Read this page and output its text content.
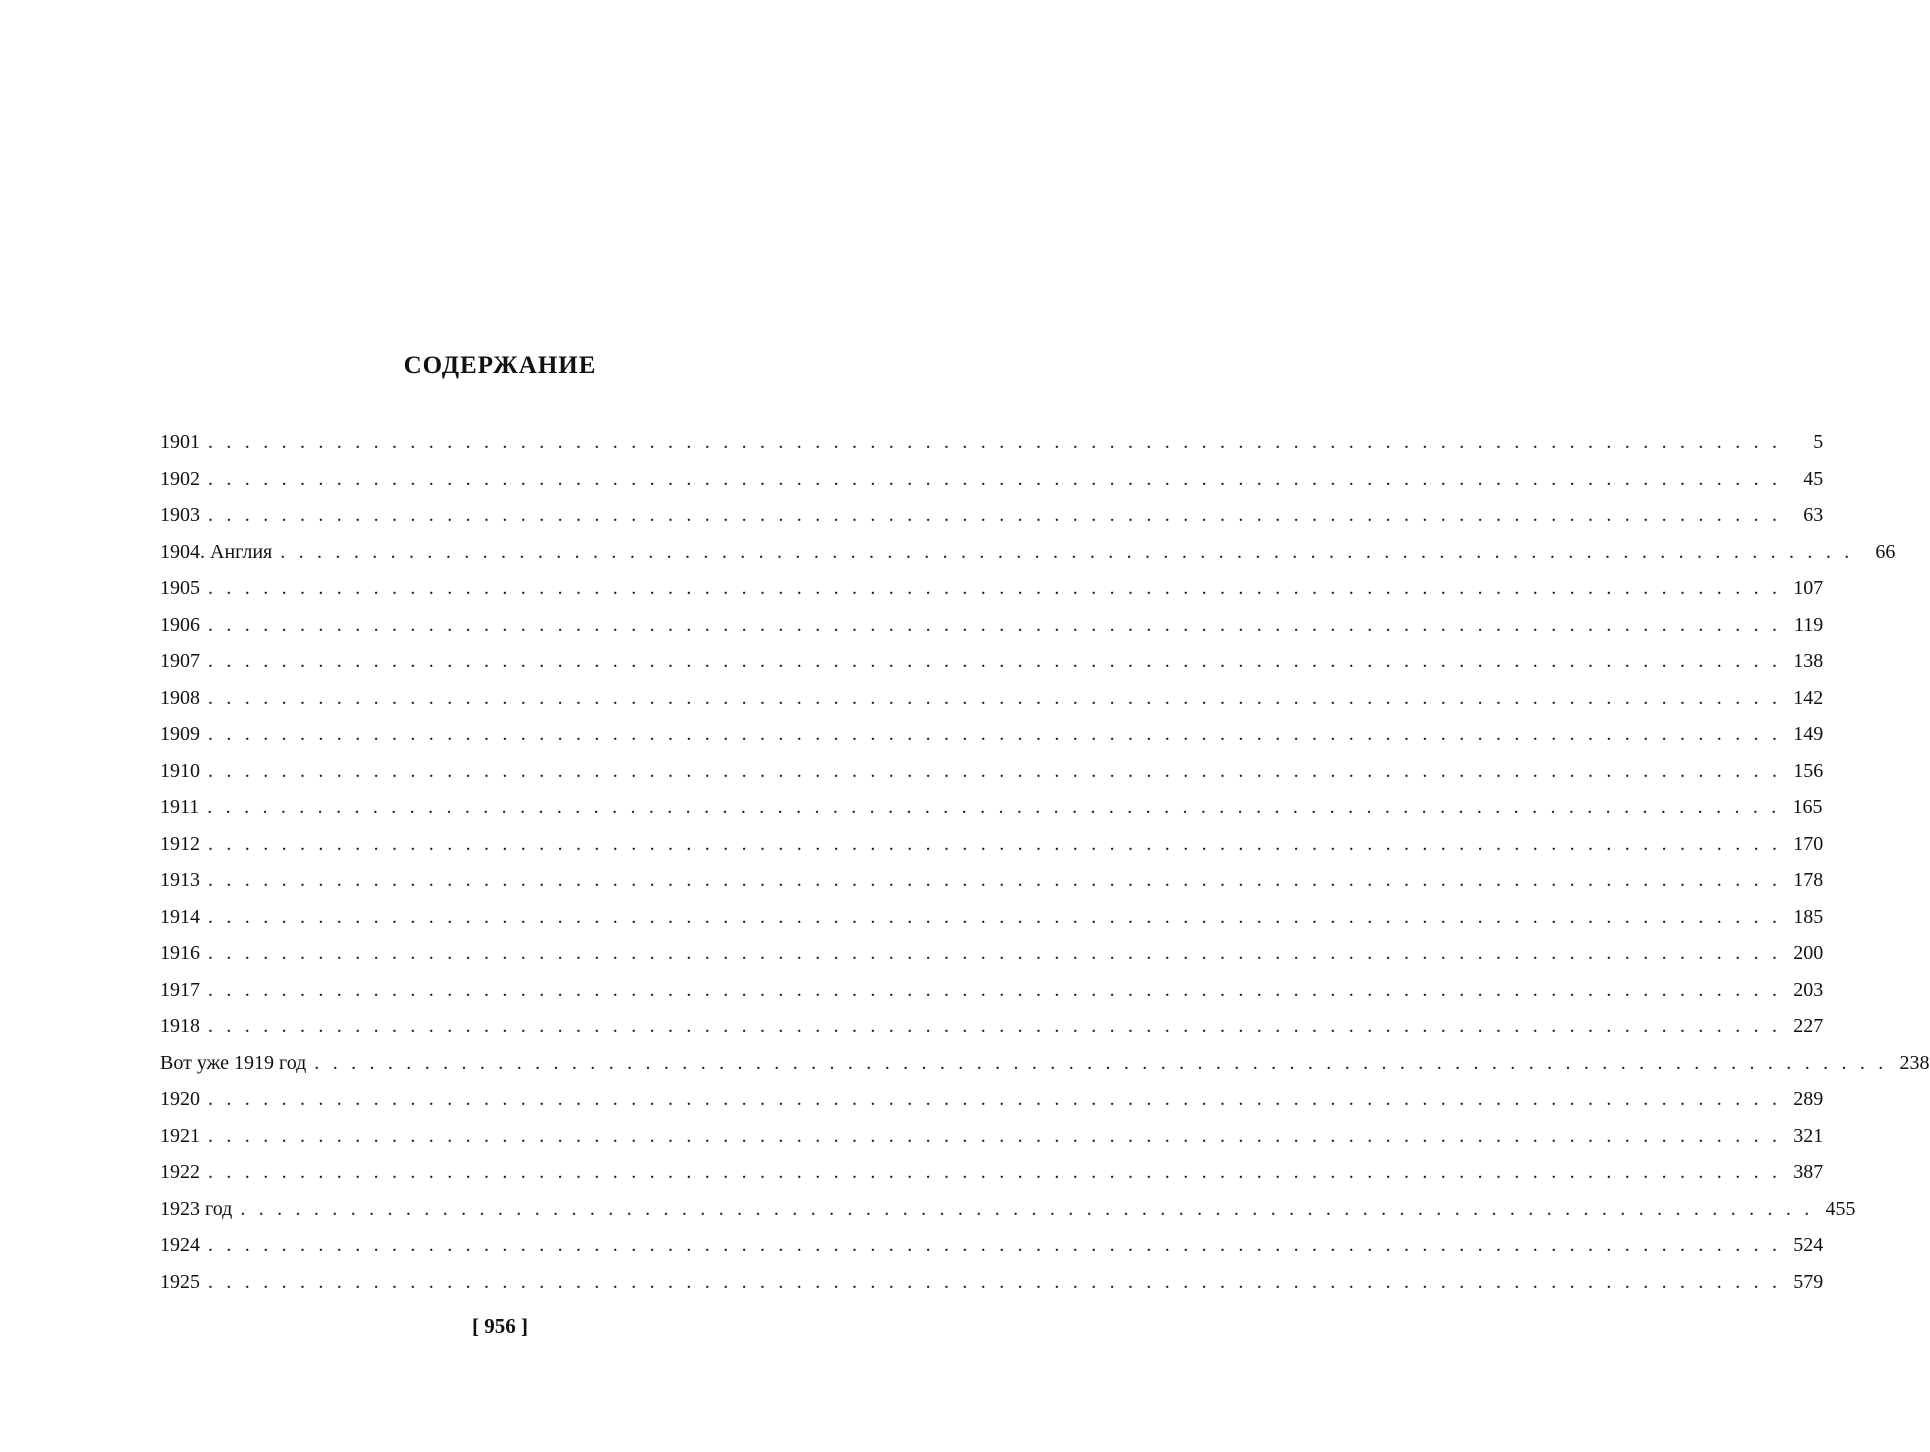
СОДЕРЖАНИЕ
1901 . . . . . . . . . . . . . . . . . . . . . . . . . . . . . . . . . . . . . . . . . . . . . . . . . . . . . . . . . . . . . . . . . . . . . . . . . . . . . . . . . . . . . .	5
1902 . . . . . . . . . . . . . . . . . . . . . . . . . . . . . . . . . . . . . . . . . . . . . . . . . . . . . . . . . . . . . . . . . . . . . . . . . . . . . . . . . . . . . .	45
1903 . . . . . . . . . . . . . . . . . . . . . . . . . . . . . . . . . . . . . . . . . . . . . . . . . . . . . . . . . . . . . . . . . . . . . . . . . . . . . . . . . . . . . .	63
1904. Англия . . . . . . . . . . . . . . . . . . . . . . . . . . . . . . . . . . . . . . . . . . . . . . . . . . . . . . . . . . . . . . . . . . . . . . . . . . . . . . . . . . . . . .	66
1905 . . . . . . . . . . . . . . . . . . . . . . . . . . . . . . . . . . . . . . . . . . . . . . . . . . . . . . . . . . . . . . . . . . . . . . . . . . . . . . . . . . . . . . 107
1906 . . . . . . . . . . . . . . . . . . . . . . . . . . . . . . . . . . . . . . . . . . . . . . . . . . . . . . . . . . . . . . . . . . . . . . . . . . . . . . . . . . . . . . 119
1907 . . . . . . . . . . . . . . . . . . . . . . . . . . . . . . . . . . . . . . . . . . . . . . . . . . . . . . . . . . . . . . . . . . . . . . . . . . . . . . . . . . . . . . 138
1908 . . . . . . . . . . . . . . . . . . . . . . . . . . . . . . . . . . . . . . . . . . . . . . . . . . . . . . . . . . . . . . . . . . . . . . . . . . . . . . . . . . . . . . 142
1909 . . . . . . . . . . . . . . . . . . . . . . . . . . . . . . . . . . . . . . . . . . . . . . . . . . . . . . . . . . . . . . . . . . . . . . . . . . . . . . . . . . . . . . 149
1910 . . . . . . . . . . . . . . . . . . . . . . . . . . . . . . . . . . . . . . . . . . . . . . . . . . . . . . . . . . . . . . . . . . . . . . . . . . . . . . . . . . . . . . 156
1911 . . . . . . . . . . . . . . . . . . . . . . . . . . . . . . . . . . . . . . . . . . . . . . . . . . . . . . . . . . . . . . . . . . . . . . . . . . . . . . . . . . . . . . 165
1912 . . . . . . . . . . . . . . . . . . . . . . . . . . . . . . . . . . . . . . . . . . . . . . . . . . . . . . . . . . . . . . . . . . . . . . . . . . . . . . . . . . . . . . 170
1913 . . . . . . . . . . . . . . . . . . . . . . . . . . . . . . . . . . . . . . . . . . . . . . . . . . . . . . . . . . . . . . . . . . . . . . . . . . . . . . . . . . . . . . 178
1914 . . . . . . . . . . . . . . . . . . . . . . . . . . . . . . . . . . . . . . . . . . . . . . . . . . . . . . . . . . . . . . . . . . . . . . . . . . . . . . . . . . . . . . 185
1916 . . . . . . . . . . . . . . . . . . . . . . . . . . . . . . . . . . . . . . . . . . . . . . . . . . . . . . . . . . . . . . . . . . . . . . . . . . . . . . . . . . . . . . 200
1917 . . . . . . . . . . . . . . . . . . . . . . . . . . . . . . . . . . . . . . . . . . . . . . . . . . . . . . . . . . . . . . . . . . . . . . . . . . . . . . . . . . . . . . 203
1918 . . . . . . . . . . . . . . . . . . . . . . . . . . . . . . . . . . . . . . . . . . . . . . . . . . . . . . . . . . . . . . . . . . . . . . . . . . . . . . . . . . . . . . 227
Вот уже 1919 год . . . . . . . . . . . . . . . . . . . . . . . . . . . . . . . . . . . . . . . . . . . . . . . . . . . . . . . . . . . . . . . . . . . . . . . . . . . . . . . . . . . . . . 238
1920 . . . . . . . . . . . . . . . . . . . . . . . . . . . . . . . . . . . . . . . . . . . . . . . . . . . . . . . . . . . . . . . . . . . . . . . . . . . . . . . . . . . . . . 289
1921 . . . . . . . . . . . . . . . . . . . . . . . . . . . . . . . . . . . . . . . . . . . . . . . . . . . . . . . . . . . . . . . . . . . . . . . . . . . . . . . . . . . . . . 321
1922 . . . . . . . . . . . . . . . . . . . . . . . . . . . . . . . . . . . . . . . . . . . . . . . . . . . . . . . . . . . . . . . . . . . . . . . . . . . . . . . . . . . . . . 387
1923 год . . . . . . . . . . . . . . . . . . . . . . . . . . . . . . . . . . . . . . . . . . . . . . . . . . . . . . . . . . . . . . . . . . . . . . . . . . . . . . . . . . . . . . 455
1924 . . . . . . . . . . . . . . . . . . . . . . . . . . . . . . . . . . . . . . . . . . . . . . . . . . . . . . . . . . . . . . . . . . . . . . . . . . . . . . . . . . . . . . 524
1925 . . . . . . . . . . . . . . . . . . . . . . . . . . . . . . . . . . . . . . . . . . . . . . . . . . . . . . . . . . . . . . . . . . . . . . . . . . . . . . . . . . . . . . 579
[ 956 ]
